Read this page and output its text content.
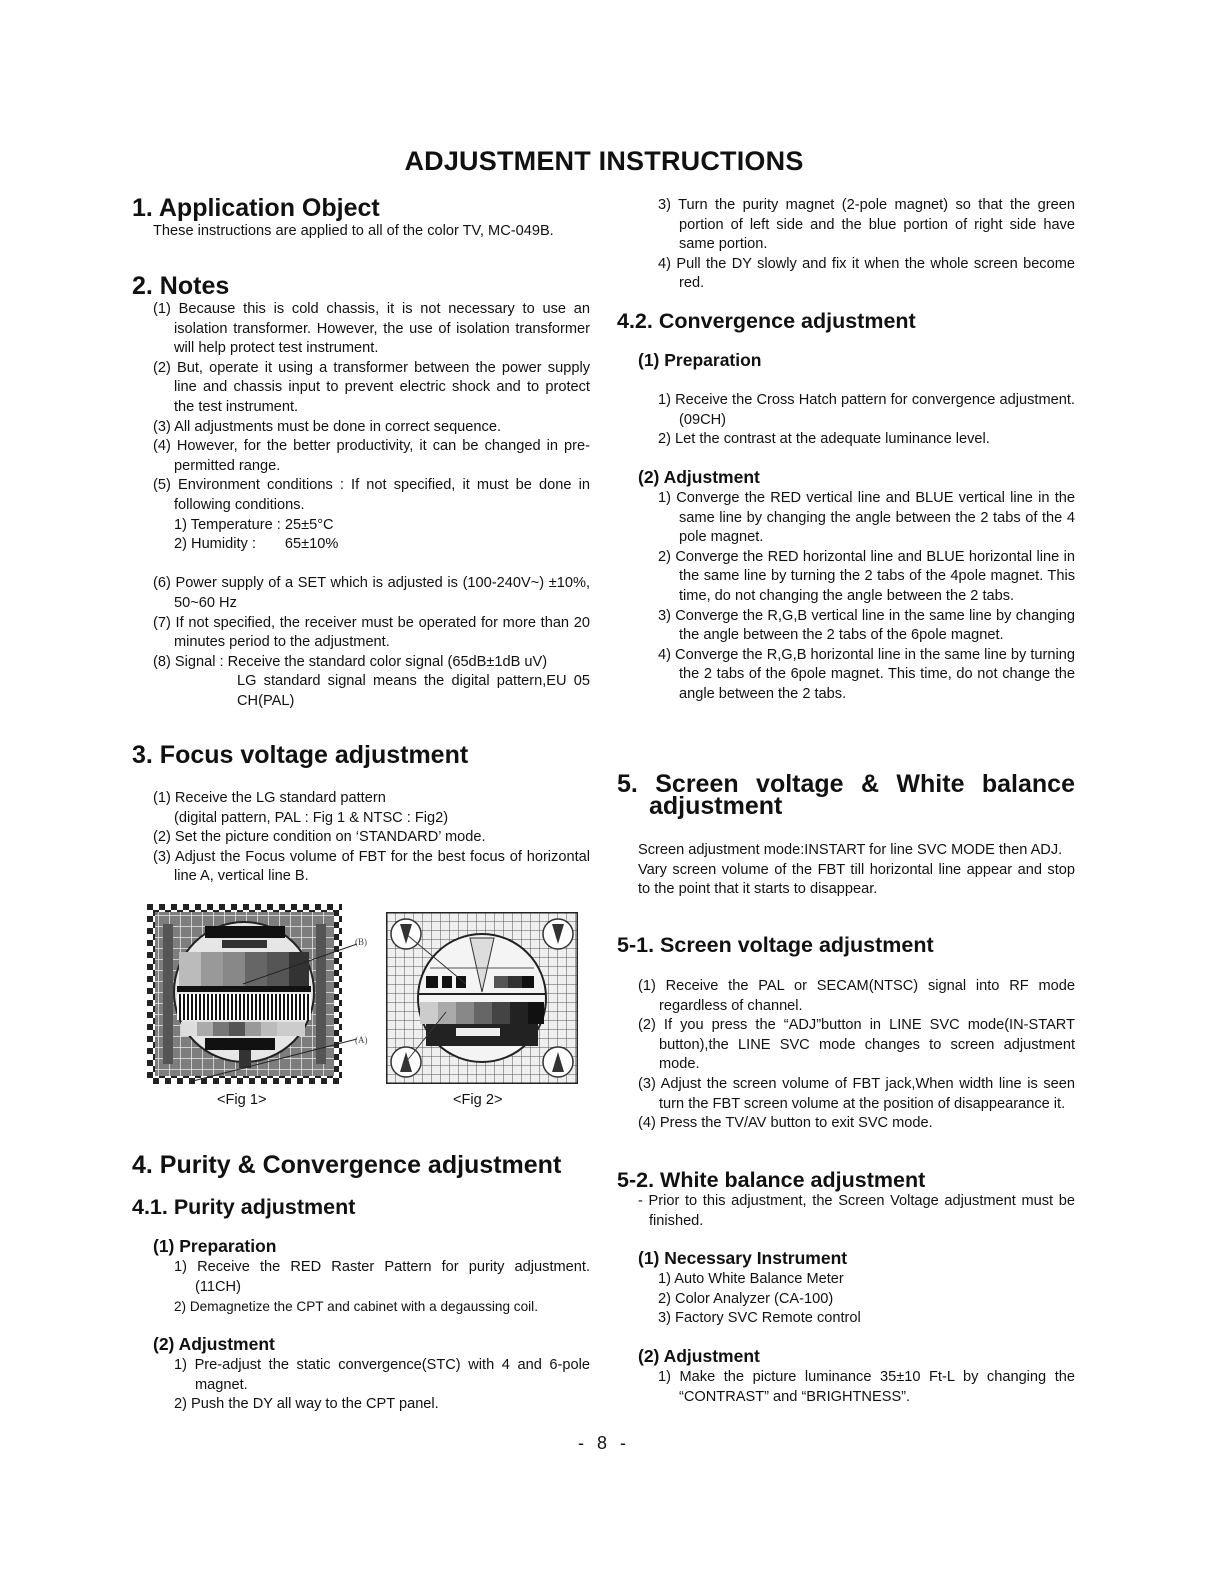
ADJUSTMENT INSTRUCTIONS
1. Application Object
These instructions are applied to all of the color TV, MC-049B.
2. Notes
(1) Because this is cold chassis, it is not necessary to use an isolation transformer. However, the use of isolation transformer will help protect test instrument.
(2) But, operate it using a transformer between the power supply line and chassis input to prevent electric shock and to protect the test instrument.
(3) All adjustments must be done in correct sequence.
(4) However, for the better productivity, it can be changed in pre-permitted range.
(5) Environment conditions : If not specified, it must be done in following conditions.
1) Temperature : 25±5°C
2) Humidity : 65±10%
(6) Power supply of a SET which is adjusted is (100-240V~) ±10%, 50~60 Hz
(7) If not specified, the receiver must be operated for more than 20 minutes period to the adjustment.
(8) Signal : Receive the standard color signal (65dB±1dB uV)
LG standard signal means the digital pattern,EU 05 CH(PAL)
3. Focus voltage adjustment
(1) Receive the LG standard pattern
(digital pattern, PAL : Fig 1 & NTSC : Fig2)
(2) Set the picture condition on ‘STANDARD’ mode.
(3) Adjust the Focus volume of FBT for the best focus of horizontal line A, vertical line B.
(B)
(A)
<Fig 1>	<Fig 2>
4. Purity & Convergence adjustment
4.1. Purity adjustment
(1) Preparation
1) Receive the RED Raster Pattern for purity adjustment. (11CH)
2) Demagnetize the CPT and cabinet with a degaussing coil.
(2) Adjustment
1) Pre-adjust the static convergence(STC) with 4 and 6-pole magnet.
2) Push the DY all way to the CPT panel.
3) Turn the purity magnet (2-pole magnet) so that the green portion of left side and the blue portion of right side have same portion.
4) Pull the DY slowly and fix it when the whole screen become red.
4.2. Convergence adjustment
(1) Preparation
1) Receive the Cross Hatch pattern for convergence adjustment. (09CH)
2) Let the contrast at the adequate luminance level.
(2) Adjustment
1) Converge the RED vertical line and BLUE vertical line in the same line by changing the angle between the 2 tabs of the 4 pole magnet.
2) Converge the RED horizontal line and BLUE horizontal line in the same line by turning the 2 tabs of the 4pole magnet. This time, do not changing the angle between the 2 tabs.
3) Converge the R,G,B vertical line in the same line by changing the angle between the 2 tabs of the 6pole magnet.
4) Converge the R,G,B horizontal line in the same line by turning the 2 tabs of the 6pole magnet. This time, do not change the angle between the 2 tabs.
5. Screen voltage & White balance
adjustment
Screen adjustment mode:INSTART for line SVC MODE then ADJ.
Vary screen volume of the FBT till horizontal line appear and stop to the point that it starts to disappear.
5-1. Screen voltage adjustment
(1) Receive the PAL or SECAM(NTSC) signal into RF mode regardless of channel.
(2) If you press the “ADJ”button in LINE SVC mode(IN-START button),the LINE SVC mode changes to screen adjustment mode.
(3) Adjust the screen volume of FBT jack,When width line is seen turn the FBT screen volume at the position of disappearance it.
(4) Press the TV/AV button to exit SVC mode.
5-2. White balance adjustment
- Prior to this adjustment, the Screen Voltage adjustment must be finished.
(1) Necessary Instrument
1) Auto White Balance Meter
2) Color Analyzer (CA-100)
3) Factory SVC Remote control
(2) Adjustment
1) Make the picture luminance 35±10 Ft-L by changing the “CONTRAST” and “BRIGHTNESS”.
- 8 -
